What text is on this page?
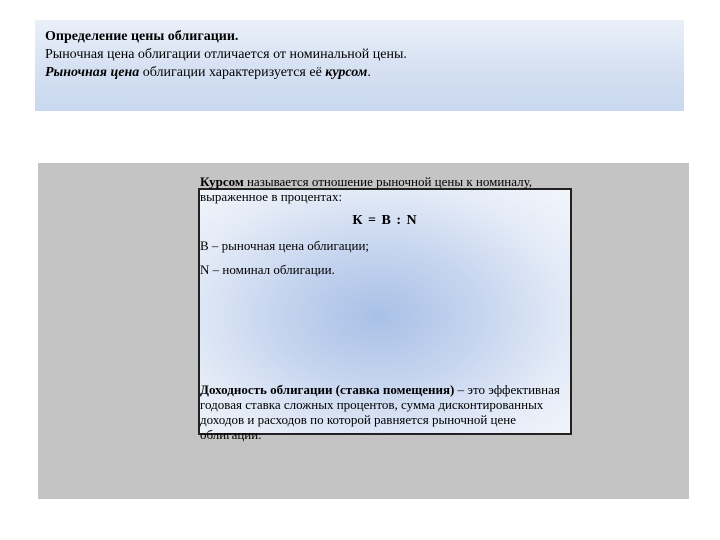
Определение цены облигации.
Рыночная цена облигации отличается от номинальной цены.
Рыночная цена облигации характеризуется её курсом.
Курсом называется отношение рыночной цены к номиналу, выраженное в процентах:
К = В : N
В – рыночная цена облигации;
N – номинал облигации.
Доходность облигации (ставка помещения) – это эффективная годовая ставка сложных процентов, сумма дисконтированных доходов и расходов по которой равняется рыночной цене облигации.
